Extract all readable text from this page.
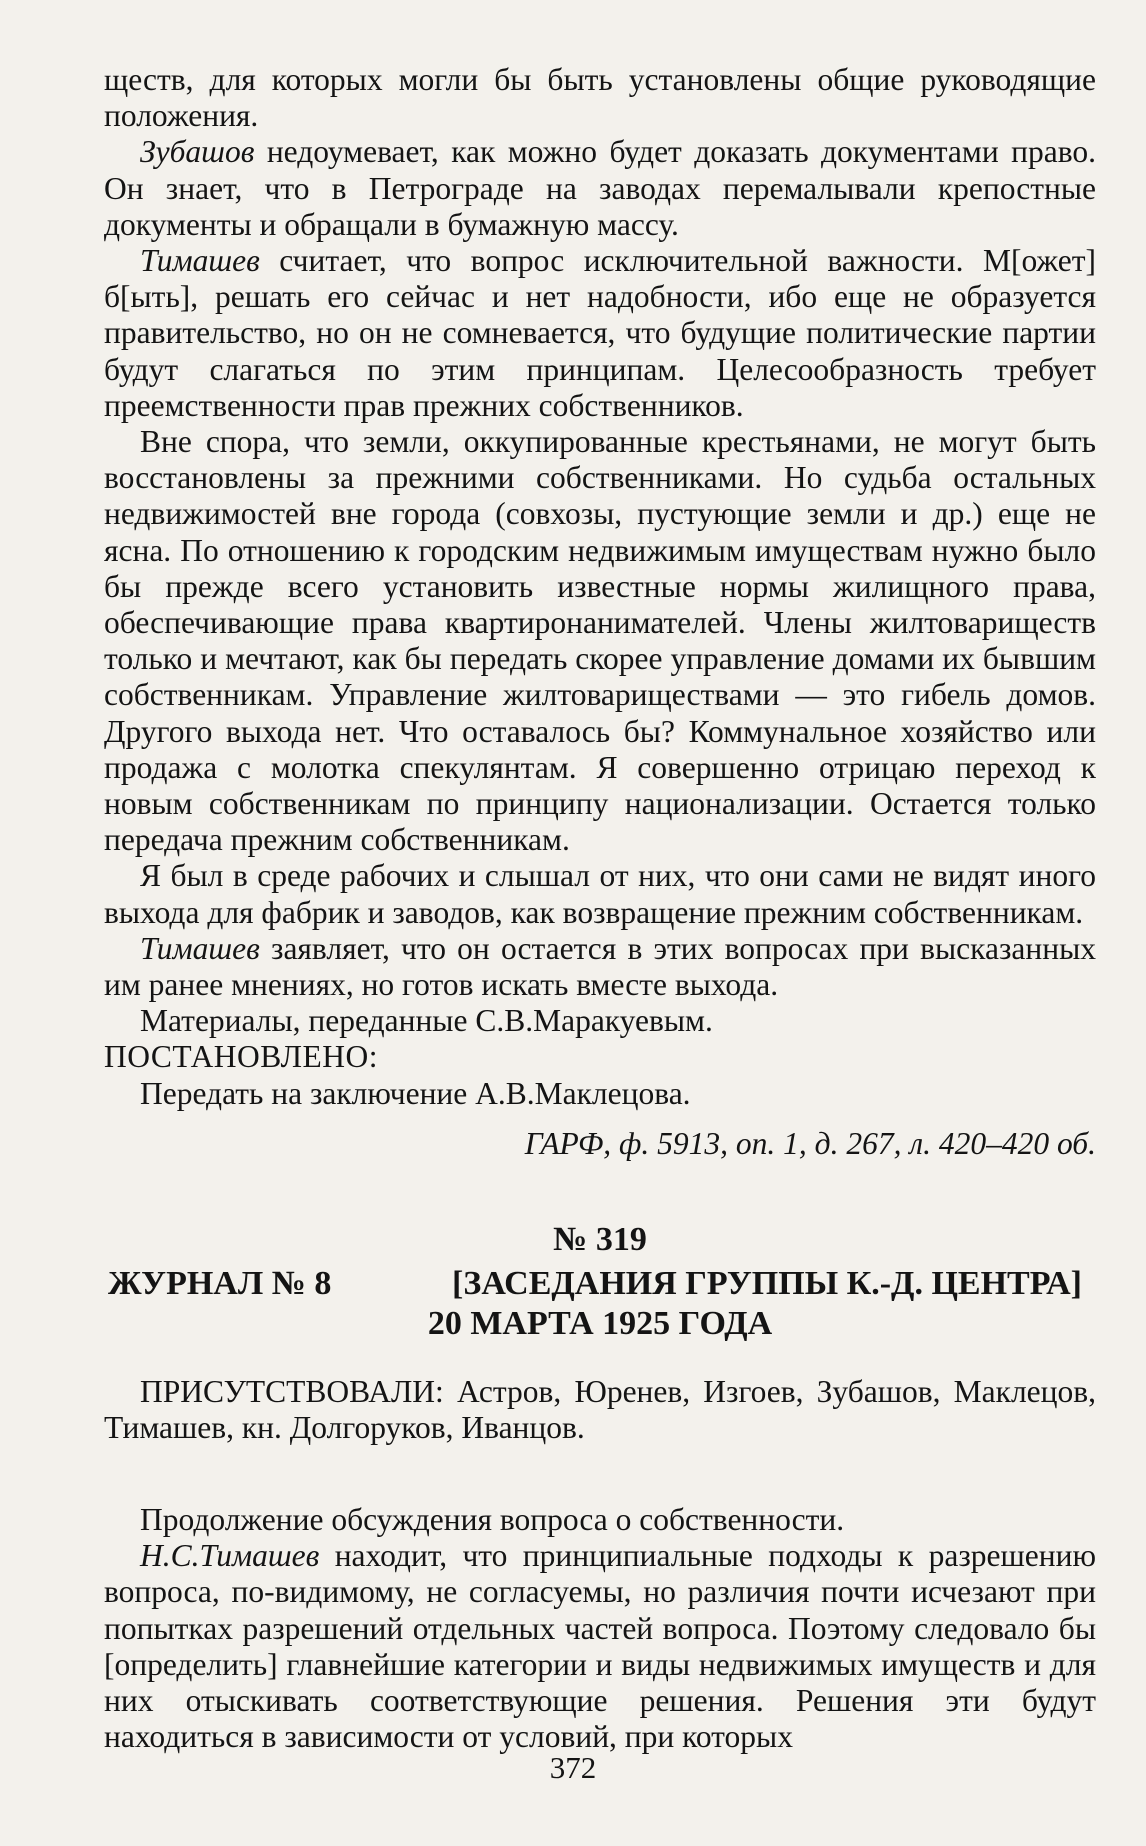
ществ, для которых могли бы быть установлены общие руководящие положения.

Зубашов недоумевает, как можно будет доказать документами право. Он знает, что в Петрограде на заводах перемалывали крепостные документы и обращали в бумажную массу.

Тимашев считает, что вопрос исключительной важности. М[ожет] б[ыть], решать его сейчас и нет надобности, ибо еще не образуется правительство, но он не сомневается, что будущие политические партии будут слагаться по этим принципам. Целесообразность требует преемственности прав прежних собственников.

Вне спора, что земли, оккупированные крестьянами, не могут быть восстановлены за прежними собственниками. Но судьба остальных недвижимостей вне города (совхозы, пустующие земли и др.) еще не ясна. По отношению к городским недвижимым имуществам нужно было бы прежде всего установить известные нормы жилищного права, обеспечивающие права квартиронанимателей. Члены жилтовариществ только и мечтают, как бы передать скорее управление домами их бывшим собственникам. Управление жилтовариществами — это гибель домов. Другого выхода нет. Что оставалось бы? Коммунальное хозяйство или продажа с молотка спекулянтам. Я совершенно отрицаю переход к новым собственникам по принципу национализации. Остается только передача прежним собственникам.

Я был в среде рабочих и слышал от них, что они сами не видят иного выхода для фабрик и заводов, как возвращение прежним собственникам.

Тимашев заявляет, что он остается в этих вопросах при высказанных им ранее мнениях, но готов искать вместе выхода.

Материалы, переданные С.В.Маракуевым.

ПОСТАНОВЛЕНО:

Передать на заключение А.В.Маклецова.

ГАРФ, ф. 5913, оп. 1, д. 267, л. 420–420 об.

№ 319
ЖУРНАЛ № 8	[ЗАСЕДАНИЯ ГРУППЫ К.-Д. ЦЕНТРА]
20 МАРТА 1925 ГОДА

ПРИСУТСТВОВАЛИ: Астров, Юренев, Изгоев, Зубашов, Маклецов, Тимашев, кн. Долгоруков, Иванцов.

Продолжение обсуждения вопроса о собственности.

Н.С.Тимашев находит, что принципиальные подходы к разрешению вопроса, по-видимому, не согласуемы, но различия почти исчезают при попытках разрешений отдельных частей вопроса. Поэтому следовало бы [определить] главнейшие категории и виды недвижимых имуществ и для них отыскивать соответствующие решения. Решения эти будут находиться в зависимости от условий, при которых

372
